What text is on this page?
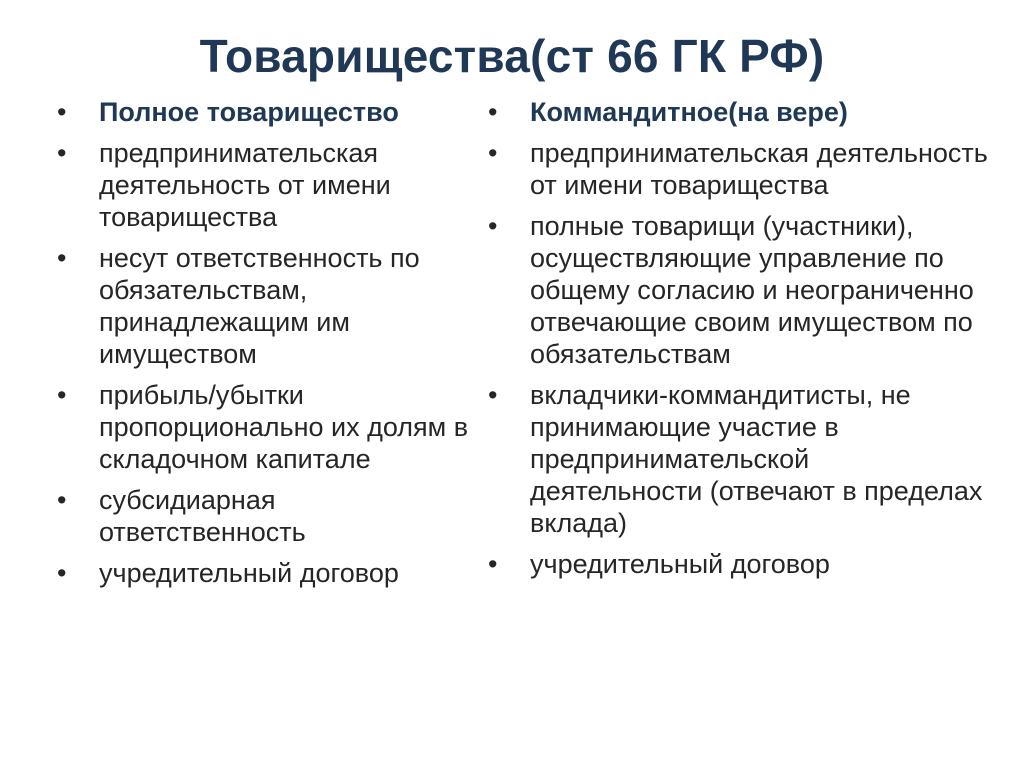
Товарищества(ст 66 ГК РФ)
•	Полное товарищество
•	предпринимательская деятельность от имени товарищества
•	несут ответственность по обязательствам, принадлежащим им имуществом
•	прибыль/убытки пропорционально их долям в складочном капитале
•	субсидиарная ответственность
•	учредительный договор
•	Коммандитное(на вере)
•	предпринимательская деятельность от имени товарищества
•	полные товарищи (участники), осуществляющие управление по общему согласию и неограниченно отвечающие своим имуществом по обязательствам
•	вкладчики-коммандитисты, не принимающие участие в предпринимательской деятельности (отвечают в пределах вклада)
•	учредительный договор
